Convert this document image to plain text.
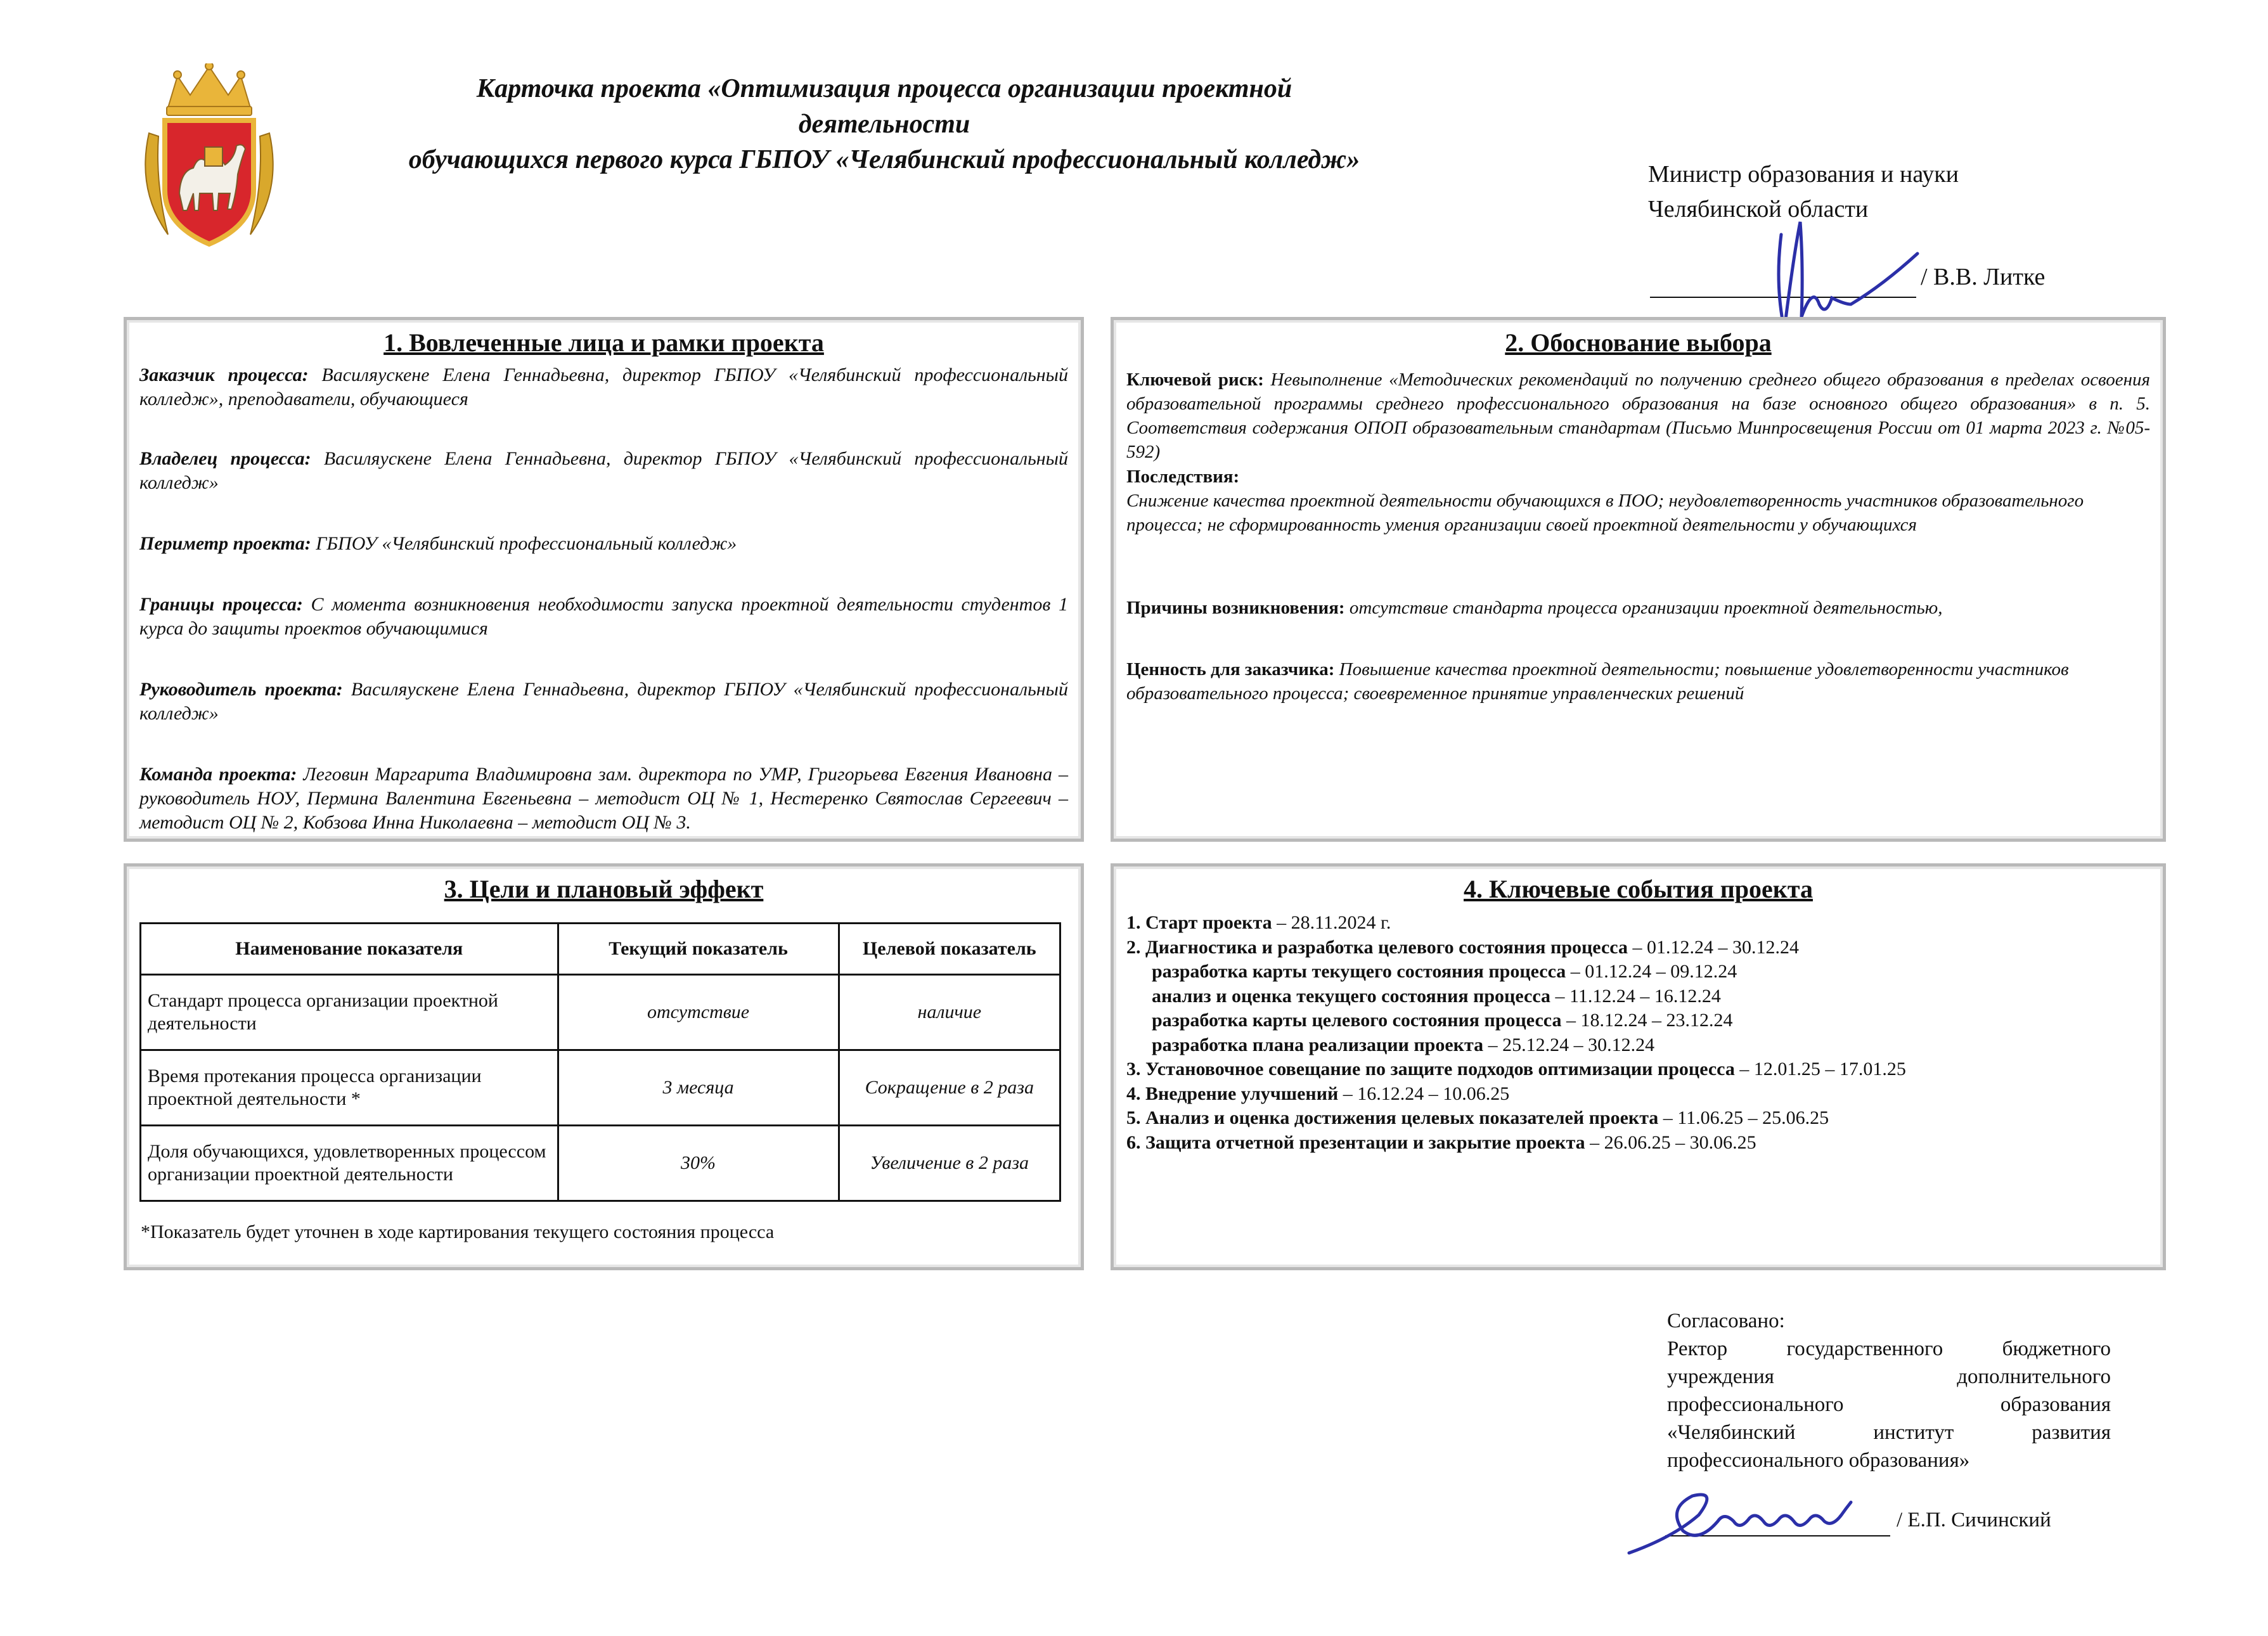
Карточка проекта «Оптимизация процесса организации проектной деятельности
обучающихся первого курса ГБПОУ «Челябинский профессиональный колледж»	Министр образования и науки
Челябинской области
/ В.В. Литке
1. Вовлеченные лица и рамки проекта
Заказчик процесса: Василяускене Елена Геннадьевна, директор ГБПОУ «Челябинский профессиональный колледж», преподаватели, обучающиеся
Владелец процесса: Василяускене Елена Геннадьевна, директор ГБПОУ «Челябинский профессиональный колледж»
Периметр проекта: ГБПОУ «Челябинский профессиональный колледж»
Границы процесса: С момента возникновения необходимости запуска проектной деятельности студентов 1 курса до защиты проектов обучающимися
Руководитель проекта: Василяускене Елена Геннадьевна, директор ГБПОУ «Челябинский профессиональный колледж»
Команда проекта: Леговин Маргарита Владимировна зам. директора по УМР, Григорьева Евгения Ивановна – руководитель НОУ, Пермина Валентина Евгеньевна – методист ОЦ № 1, Нестеренко Святослав Сергеевич – методист ОЦ № 2, Кобзова Инна Николаевна – методист ОЦ № 3.
2. Обоснование выбора
Ключевой риск: Невыполнение «Методических рекомендаций по получению среднего общего образования в пределах освоения образовательной программы среднего профессионального образования на базе основного общего образования» в п. 5. Соответствия содержания ОПОП образовательным стандартам (Письмо Минпросвещения России от 01 марта 2023 г. №05-592)
Последствия:
Снижение качества проектной деятельности обучающихся в ПОО; неудовлетворенность участников образовательного процесса; не сформированность умения организации своей проектной деятельности у обучающихся
Причины возникновения: отсутствие стандарта процесса организации проектной деятельностью,
Ценность для заказчика: Повышение качества проектной деятельности; повышение удовлетворенности участников образовательного процесса; своевременное принятие управленческих решений
3. Цели и плановый эффект
Наименование показателя	Текущий показатель	Целевой показатель
Стандарт процесса организации проектной деятельности	отсутствие	наличие
Время протекания процесса организации проектной деятельности *	3 месяца	Сокращение в 2 раза
Доля обучающихся, удовлетворенных процессом организации проектной деятельности	30%	Увеличение в 2 раза
*Показатель будет уточнен в ходе картирования текущего состояния процесса
4. Ключевые события проекта
1. Старт проекта – 28.11.2024 г.
2. Диагностика и разработка целевого состояния процесса – 01.12.24 – 30.12.24
разработка карты текущего состояния процесса – 01.12.24 – 09.12.24
анализ и оценка текущего состояния процесса – 11.12.24 – 16.12.24
разработка карты целевого состояния процесса – 18.12.24 – 23.12.24
разработка плана реализации проекта – 25.12.24 – 30.12.24
3. Установочное совещание по защите подходов оптимизации процесса – 12.01.25 – 17.01.25
4. Внедрение улучшений – 16.12.24 – 10.06.25
5. Анализ и оценка достижения целевых показателей проекта – 11.06.25 – 25.06.25
6. Защита отчетной презентации и закрытие проекта – 26.06.25 – 30.06.25
Согласовано:
Ректор государственного бюджетного
учреждения дополнительного
профессионального образования
«Челябинский институт развития
профессионального образования»
/ Е.П. Сичинский
